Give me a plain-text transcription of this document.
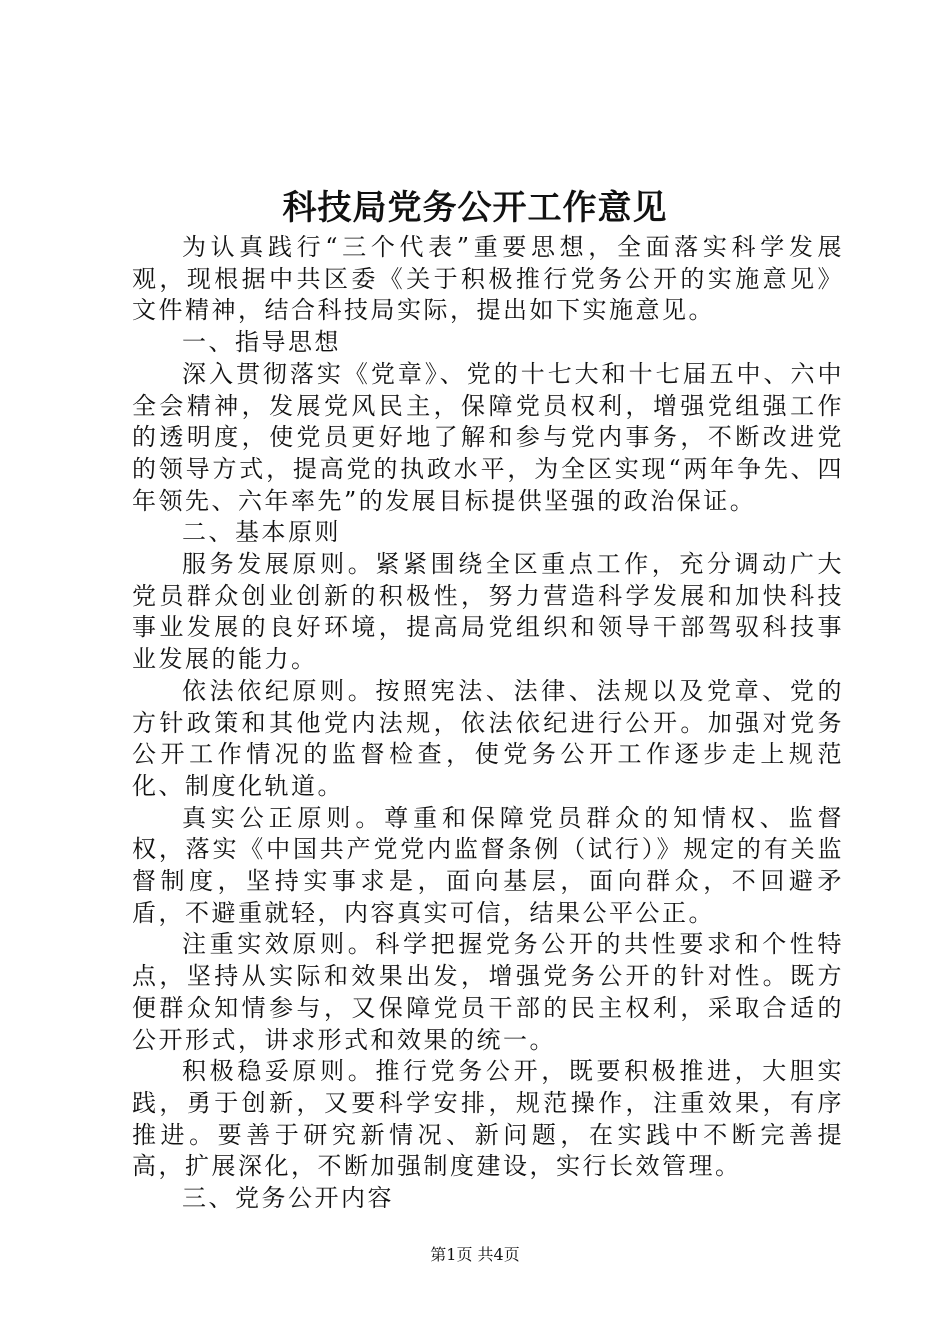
科技局党务公开工作意见

为认真践行“三个代表”重要思想，全面落实科学发展观，现根据中共区委《关于积极推行党务公开的实施意见》文件精神，结合科技局实际，提出如下实施意见。

一、指导思想

深入贯彻落实《党章》、党的十七大和十七届五中、六中全会精神，发展党风民主，保障党员权利，增强党组强工作的透明度，使党员更好地了解和参与党内事务，不断改进党的领导方式，提高党的执政水平，为全区实现“两年争先、四年领先、六年率先”的发展目标提供坚强的政治保证。

二、基本原则

服务发展原则。紧紧围绕全区重点工作，充分调动广大党员群众创业创新的积极性，努力营造科学发展和加快科技事业发展的良好环境，提高局党组织和领导干部驾驭科技事业发展的能力。

依法依纪原则。按照宪法、法律、法规以及党章、党的方针政策和其他党内法规，依法依纪进行公开。加强对党务公开工作情况的监督检查，使党务公开工作逐步走上规范化、制度化轨道。

真实公正原则。尊重和保障党员群众的知情权、监督权，落实《中国共产党党内监督条例（试行）》规定的有关监督制度，坚持实事求是，面向基层，面向群众，不回避矛盾，不避重就轻，内容真实可信，结果公平公正。

注重实效原则。科学把握党务公开的共性要求和个性特点，坚持从实际和效果出发，增强党务公开的针对性。既方便群众知情参与，又保障党员干部的民主权利，采取合适的公开形式，讲求形式和效果的统一。

积极稳妥原则。推行党务公开，既要积极推进，大胆实践，勇于创新，又要科学安排，规范操作，注重效果，有序推进。要善于研究新情况、新问题，在实践中不断完善提高，扩展深化，不断加强制度建设，实行长效管理。

三、党务公开内容

第1页 共4页
